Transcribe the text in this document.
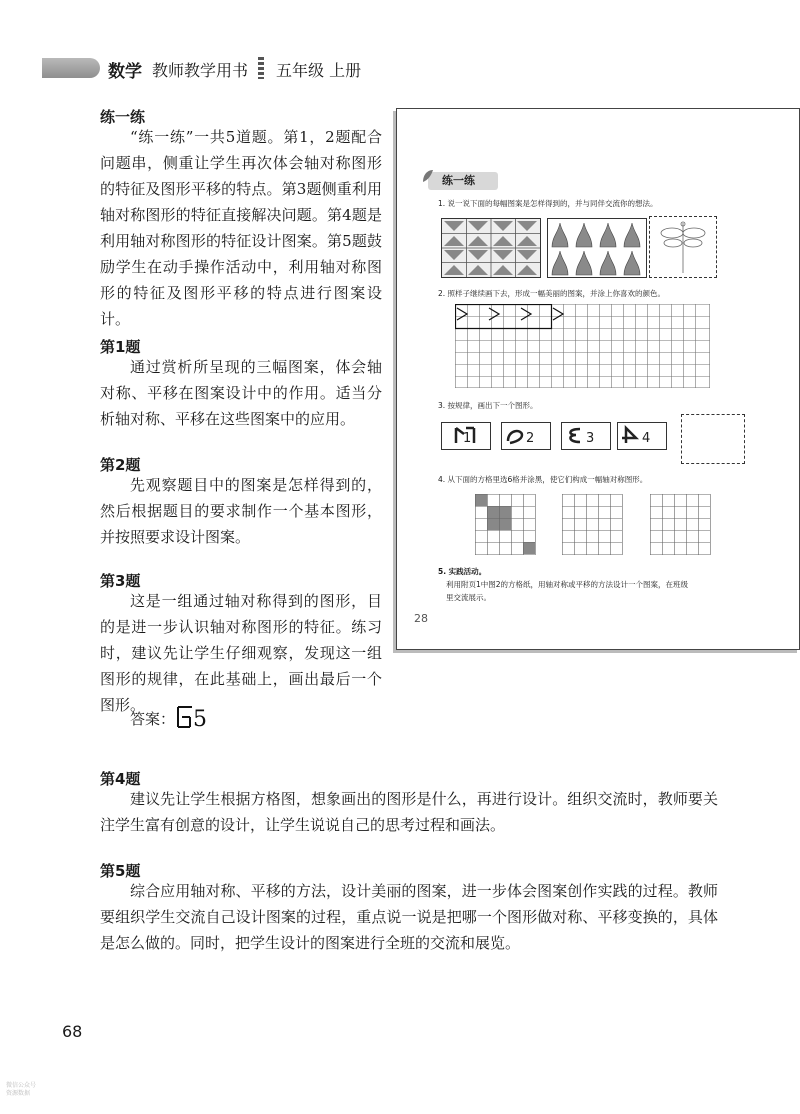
数学 教师教学用书 五年级 上册
练一练
“练一练”一共5道题。第1，2题配合问题串，侧重让学生再次体会轴对称图形的特征及图形平移的特点。第3题侧重利用轴对称图形的特征直接解决问题。第4题是利用轴对称图形的特征设计图案。第5题鼓励学生在动手操作活动中，利用轴对称图形的特征及图形平移的特点进行图案设计。
第1题
通过赏析所呈现的三幅图案，体会轴对称、平移在图案设计中的作用。适当分析轴对称、平移在这些图案中的应用。
第2题
先观察题目中的图案是怎样得到的，然后根据题目的要求制作一个基本图形，并按照要求设计图案。
第3题
这是一组通过轴对称得到的图形，目的是进一步认识轴对称图形的特征。练习时，建议先让学生仔细观察，发现这一组图形的规律，在此基础上，画出最后一个图形。
答案： 5
第4题
建议先让学生根据方格图，想象画出的图形是什么，再进行设计。组织交流时，教师要关注学生富有创意的设计，让学生说说自己的思考过程和画法。
第5题
综合应用轴对称、平移的方法，设计美丽的图案，进一步体会图案创作实践的过程。教师要组织学生交流自己设计图案的过程，重点说一说是把哪一个图形做对称、平移变换的，具体是怎么做的。同时，把学生设计的图案进行全班的交流和展览。
68
微信公众号
资源数据
练一练
1. 说一说下面的每幅图案是怎样得到的，并与同伴交流你的想法。
2. 照样子继续画下去，形成一幅美丽的图案，并涂上你喜欢的颜色。
3. 按规律，画出下一个图形。
1	2	3	4
4. 从下面的方格里选6格并涂黑，使它们构成一幅轴对称图形。
5. 实践活动。
利用附页1中图2的方格纸，用轴对称或平移的方法设计一个图案，在班级
里交流展示。
28
